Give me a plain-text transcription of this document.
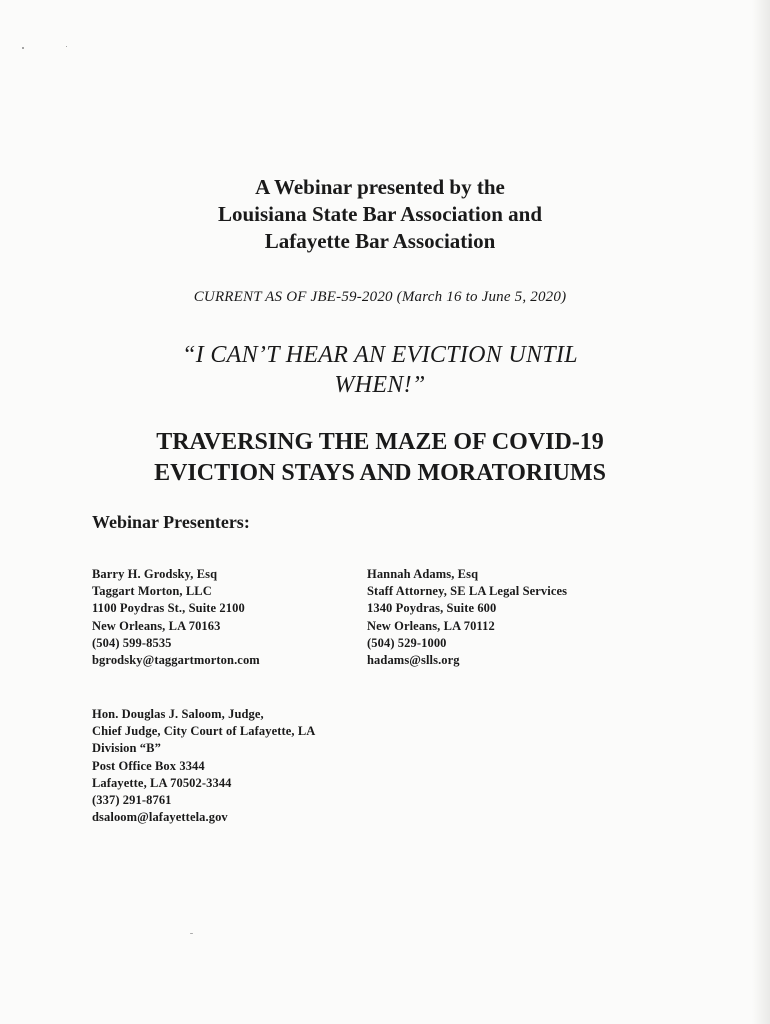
A Webinar presented by the
Louisiana State Bar Association and
Lafayette Bar Association
CURRENT AS OF JBE-59-2020 (March 16 to June 5, 2020)
“I CAN’T HEAR AN EVICTION UNTIL
WHEN!”
TRAVERSING THE MAZE OF COVID-19
EVICTION STAYS AND MORATORIUMS
Webinar Presenters:
Barry H. Grodsky, Esq
Taggart Morton, LLC
1100 Poydras St., Suite 2100
New Orleans, LA 70163
(504) 599-8535
bgrodsky@taggartmorton.com
Hannah Adams, Esq
Staff Attorney, SE LA Legal Services
1340 Poydras, Suite 600
New Orleans, LA 70112
(504) 529-1000
hadams@slls.org
Hon. Douglas J. Saloom, Judge,
Chief Judge, City Court of Lafayette, LA
Division “B”
Post Office Box 3344
Lafayette, LA 70502-3344
(337) 291-8761
dsaloom@lafayettela.gov
